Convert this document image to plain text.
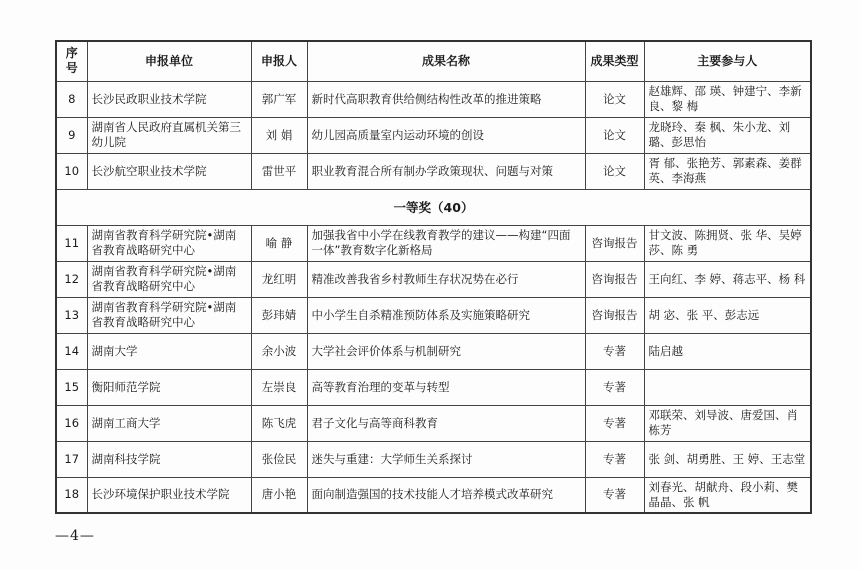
序号	申报单位	申报人	成果名称	成果类型	主要参与人
8	长沙民政职业技术学院	郭广军	新时代高职教育供给侧结构性改革的推进策略	论文	赵雄辉、邵 瑛、钟建宁、李新良、黎 梅
9	湖南省人民政府直属机关第三幼儿院	刘 娟	幼儿园高质量室内运动环境的创设	论文	龙晓玲、秦 枫、朱小龙、刘 璐、彭思怡
10	长沙航空职业技术学院	雷世平	职业教育混合所有制办学政策现状、问题与对策	论文	胥 郁、张艳芳、郭素森、姜群英、李海燕
一等奖（40）					
11	湖南省教育科学研究院•湖南省教育战略研究中心	喻 静	加强我省中小学在线教育教学的建议——构建“四面一体”教育数字化新格局	咨询报告	甘文波、陈拥贤、张 华、吴婷莎、陈 勇
12	湖南省教育科学研究院•湖南省教育战略研究中心	龙红明	精准改善我省乡村教师生存状况势在必行	咨询报告	王向红、李 婷、蒋志平、杨 科
13	湖南省教育科学研究院•湖南省教育战略研究中心	彭玮婧	中小学生自杀精准预防体系及实施策略研究	咨询报告	胡 宓、张 平、彭志远
14	湖南大学	余小波	大学社会评价体系与机制研究	专著	陆启越
15	衡阳师范学院	左崇良	高等教育治理的变革与转型	专著	
16	湖南工商大学	陈飞虎	君子文化与高等商科教育	专著	邓联荣、刘导波、唐爱国、肖栋芳
17	湖南科技学院	张俭民	迷失与重建：大学师生关系探讨	专著	张 剑、胡勇胜、王 婷、王志堂
18	长沙环境保护职业技术学院	唐小艳	面向制造强国的技术技能人才培养模式改革研究	专著	刘春光、胡献舟、段小莉、樊晶晶、张 帆
—4—
